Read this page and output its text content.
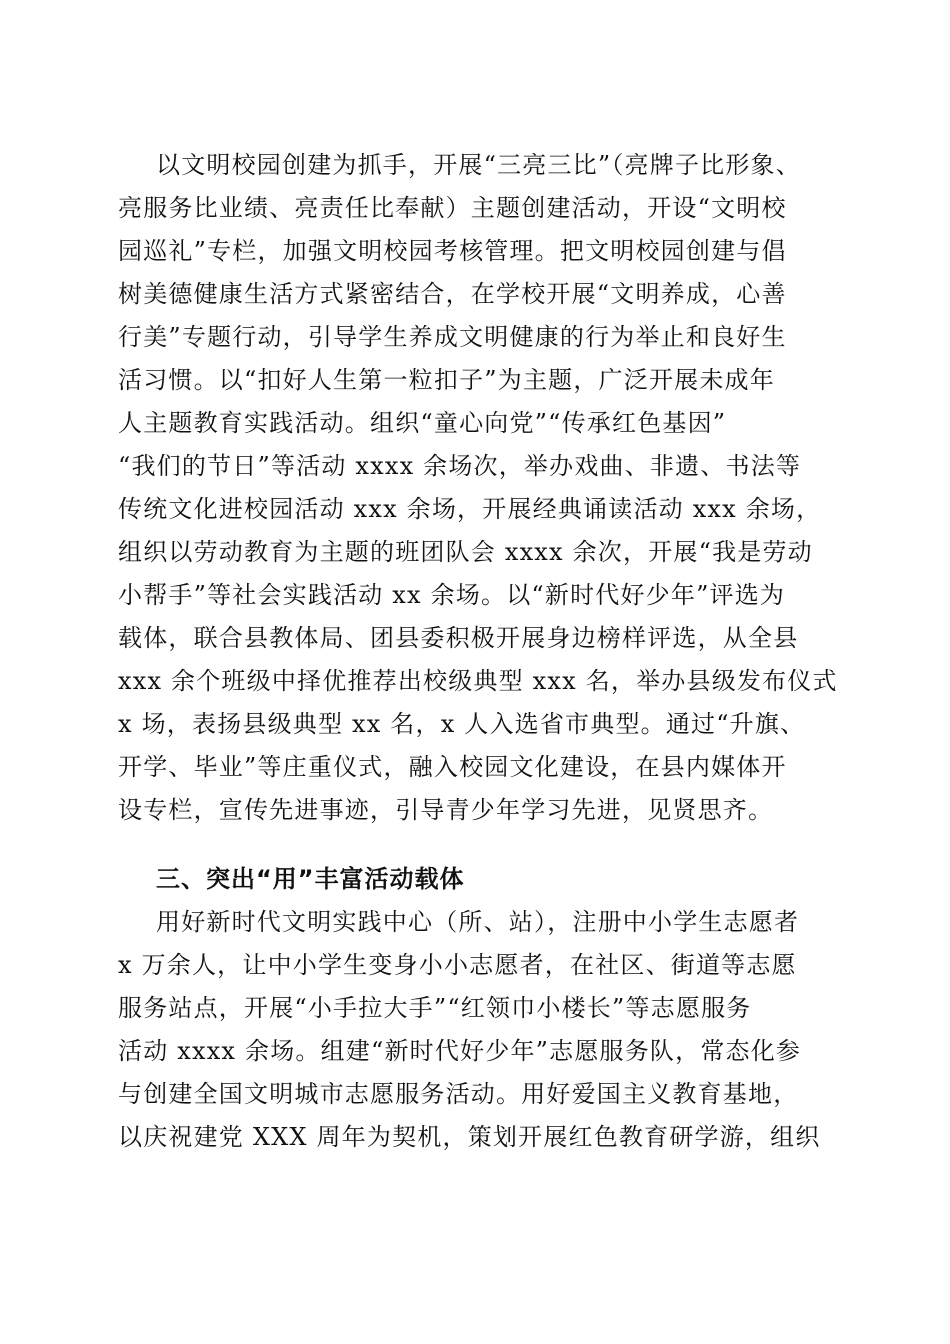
以文明校园创建为抓手，开展“三亮三比”（亮牌子比形象、
亮服务比业绩、亮责任比奉献）主题创建活动，开设“文明校
园巡礼”专栏，加强文明校园考核管理。把文明校园创建与倡
树美德健康生活方式紧密结合，在学校开展“文明养成，心善
行美”专题行动，引导学生养成文明健康的行为举止和良好生
活习惯。以“扣好人生第一粒扣子”为主题，广泛开展未成年
人主题教育实践活动。组织“童心向党”“传承红色基因”
“我们的节日”等活动 xxxx 余场次，举办戏曲、非遗、书法等
传统文化进校园活动 xxx 余场，开展经典诵读活动 xxx 余场，
组织以劳动教育为主题的班团队会 xxxx 余次，开展“我是劳动
小帮手”等社会实践活动 xx 余场。以“新时代好少年”评选为
载体，联合县教体局、团县委积极开展身边榜样评选，从全县
xxx 余个班级中择优推荐出校级典型 xxx 名，举办县级发布仪式
x 场，表扬县级典型 xx 名，x 人入选省市典型。通过“升旗、
开学、毕业”等庄重仪式，融入校园文化建设，在县内媒体开
设专栏，宣传先进事迹，引导青少年学习先进，见贤思齐。
三、突出“用”丰富活动载体
用好新时代文明实践中心（所、站），注册中小学生志愿者
x 万余人，让中小学生变身小小志愿者，在社区、街道等志愿
服务站点，开展“小手拉大手”“红领巾小楼长”等志愿服务
活动 xxxx 余场。组建“新时代好少年”志愿服务队，常态化参
与创建全国文明城市志愿服务活动。用好爱国主义教育基地，
以庆祝建党 XXX 周年为契机，策划开展红色教育研学游，组织
